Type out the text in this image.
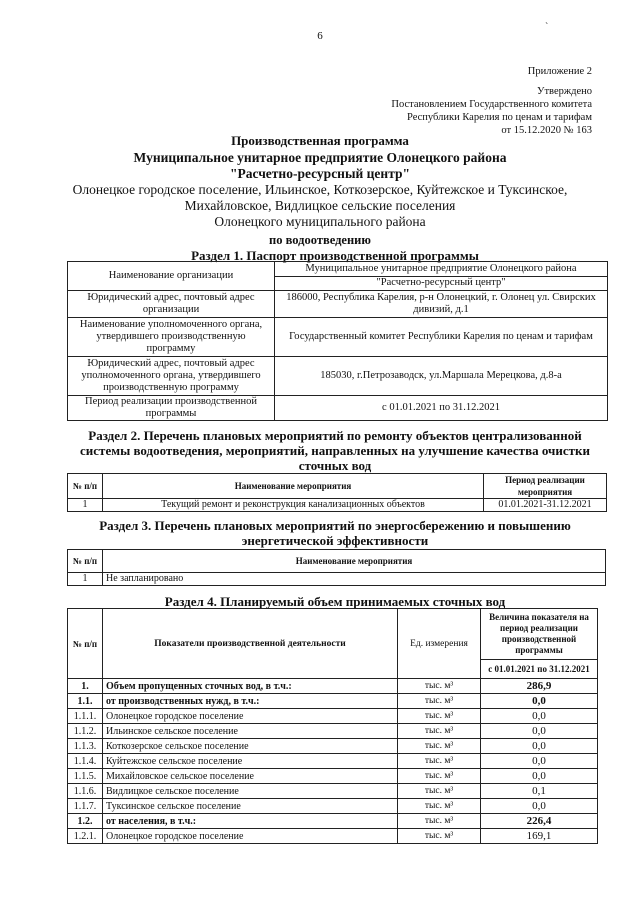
6
`
Приложение 2
Утверждено
Постановлением Государственного комитета
Республики Карелия по ценам и тарифам
от 15.12.2020 № 163
Производственная программа
Муниципальное унитарное предприятие Олонецкого района
"Расчетно-ресурсный центр"
Олонецкое городское поселение, Ильинское, Коткозерское, Куйтежское и Туксинское,
Михайловское, Видлицкое сельские поселения
Олонецкого муниципального района
по водоотведению
Раздел 1. Паспорт производственной программы
Наименование организации	Муниципальное унитарное предприятие Олонецкого района
	"Расчетно-ресурсный центр"
Юридический адрес, почтовый адрес организации	186000, Республика Карелия, р-н Олонецкий, г. Олонец ул. Свирских дивизий, д.1
Наименование уполномоченного органа, утвердившего производственную программу	Государственный комитет Республики Карелия по ценам и тарифам
Юридический адрес, почтовый адрес уполномоченного органа, утвердившего производственную программу	185030, г.Петрозаводск, ул.Маршала Мерецкова, д.8-а
Период реализации производственной программы	с 01.01.2021 по 31.12.2021
Раздел 2. Перечень плановых мероприятий по ремонту объектов централизованной системы водоотведения, мероприятий, направленных на улучшение качества очистки сточных вод
№ п/п	Наименование мероприятия	Период реализации мероприятия
1	Текущий ремонт и реконструкция канализационных объектов	01.01.2021-31.12.2021
Раздел 3. Перечень плановых мероприятий по энергосбережению и повышению энергетической эффективности
№ п/п	Наименование мероприятия
1	Не запланировано
Раздел 4. Планируемый объем принимаемых сточных вод
№ п/п	Показатели производственной деятельности	Ед. измерения	Величина показателя на период реализации производственной программы
			с 01.01.2021 по 31.12.2021
1.	Объем пропущенных сточных вод, в т.ч.:	тыс. м³	286,9
1.1.	от производственных нужд, в т.ч.:	тыс. м³	0,0
1.1.1.	Олонецкое городское поселение	тыс. м³	0,0
1.1.2.	Ильинское сельское поселение	тыс. м³	0,0
1.1.3.	Коткозерское сельское поселение	тыс. м³	0,0
1.1.4.	Куйтежское сельское поселение	тыс. м³	0,0
1.1.5.	Михайловское сельское поселение	тыс. м³	0,0
1.1.6.	Видлицкое сельское поселение	тыс. м³	0,1
1.1.7.	Туксинское сельское поселение	тыс. м³	0,0
1.2.	от населения, в т.ч.:	тыс. м³	226,4
1.2.1.	Олонецкое городское поселение	тыс. м³	169,1
